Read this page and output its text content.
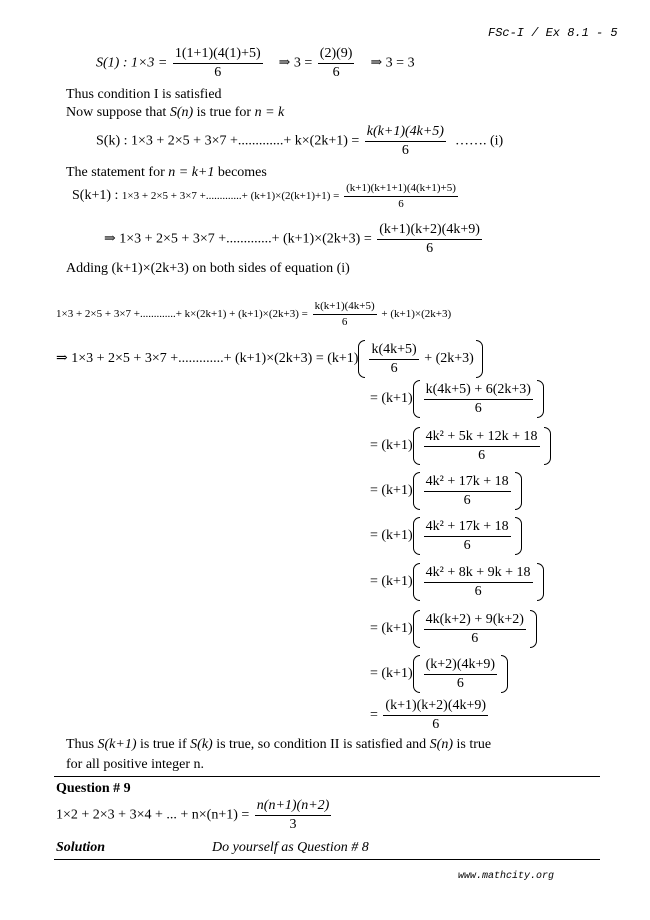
FSc-I / Ex 8.1 - 5
S(1) : $1\times 3 = \frac{1(1+1)(4(1)+5)}{6}$ ⇒ $3 = \frac{(2)(9)}{6}$ ⇒ 3 = 3
Thus condition I is satisfied
Now suppose that S(n) is true for n = k
S(k) : 1×3 + 2×5 + 3×7 +.............+ $k\times(2k+1) = \frac{k(k+1)(4k+5)}{6}$ ……. (i)
The statement for n = k+1 becomes
S(k+1) : 1×3 + 2×5 + 3×7 +.............+ $(k+1)\times(2(k+1)+1) = \frac{(k+1)(k+1+1)(4(k+1)+5)}{6}$
⇒ 1×3 + 2×5 + 3×7 +.............+ $(k+1)\times(2k+3) = \frac{(k+1)(k+2)(4k+9)}{6}$
Adding (k+1)×(2k+3) on both sides of equation (i)
1×3 + 2×5 + 3×7 +.............+ $k\times(2k+1) + (k+1)\times(2k+3) = \frac{k(k+1)(4k+5)}{6} + (k+1)\times(2k+3)$
⇒ 1×3 + 2×5 + 3×7 +.............+ $(k+1)\times(2k+3) = (k+1) \frac{k(4k+5)}{6}$
+ (2k+3)
= $(k+1) \frac{k(4k+5) + 6(2k+3)}{6}$
= $(k+1) \frac{\text{4k² + 5k + 12k + 18}}{6}$
= $(k+1) \frac{\text{4k² + 17k + 18}}{6}$
= $(k+1) \frac{\text{4k² + 17k + 18}}{6}$
= $(k+1) \frac{\text{4k² + 8k + 9k + 18}}{6}$
= $(k+1) \frac{4k(k+2) + 9(k+2)}{6}$
= $(k+1) \frac{(k+2)(4k+9)}{6}$
= $\frac{(k+1)(k+2)(4k+9)}{6}$
Thus S(k+1) is true if S(k) is true, so condition II is satisfied and S(n) is true
for all positive integer n.
Question # 9
1×2 + 2×3 + 3×4 + ... + $n\times(n+1) = \frac{n(n+1)(n+2)}{3}$
Solution	Do yourself as Question # 8
www.mathcity.org
